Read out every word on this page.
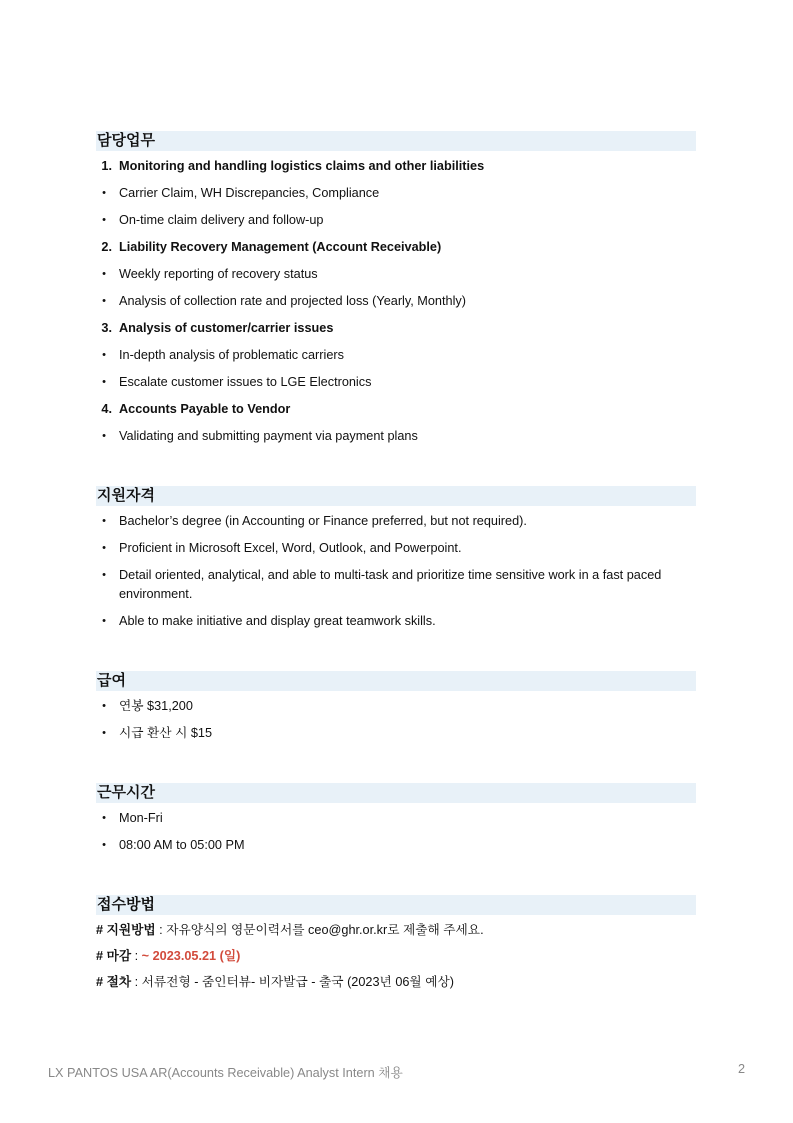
담당업무
1. Monitoring and handling logistics claims and other liabilities
• Carrier Claim, WH Discrepancies, Compliance
• On-time claim delivery and follow-up
2. Liability Recovery Management (Account Receivable)
• Weekly reporting of recovery status
• Analysis of collection rate and projected loss (Yearly, Monthly)
3. Analysis of customer/carrier issues
• In-depth analysis of problematic carriers
• Escalate customer issues to LGE Electronics
4. Accounts Payable to Vendor
• Validating and submitting payment via payment plans
지원자격
• Bachelor’s degree (in Accounting or Finance preferred, but not required).
• Proficient in Microsoft Excel, Word, Outlook, and Powerpoint.
• Detail oriented, analytical, and able to multi-task and prioritize time sensitive work in a fast paced environment.
• Able to make initiative and display great teamwork skills.
급여
• 연봉 $31,200
• 시급 환산 시 $15
근무시간
• Mon-Fri
• 08:00 AM to 05:00 PM
접수방법
# 지원방법 : 자유양식의 영문이력서를 ceo@ghr.or.kr로 제출해 주세요.
# 마감 : ~ 2023.05.21 (일)
# 절차 : 서류전형 - 줌인터뷰- 비자발급 - 출국 (2023년 06월 예상)
LX PANTOS USA AR(Accounts Receivable) Analyst Intern 채용	2
